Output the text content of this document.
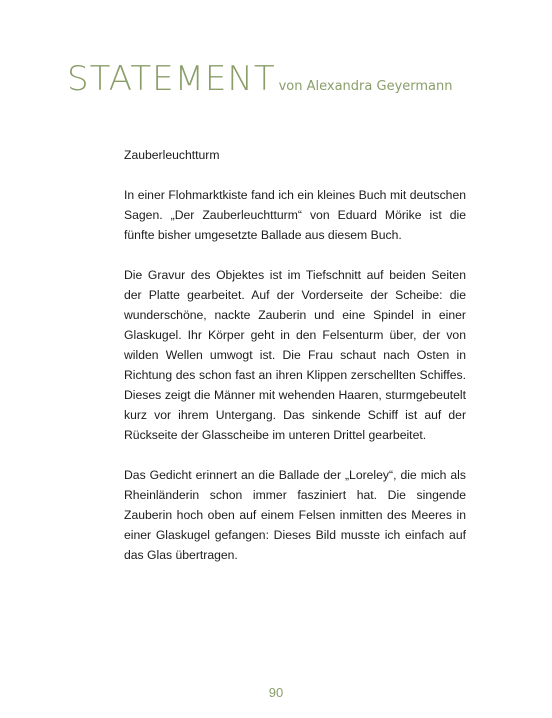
STATEMENT von Alexandra Geyermann

Zauberleuchtturm

In einer Flohmarktkiste fand ich ein kleines Buch mit deutschen Sagen. „Der Zauberleuchtturm“ von Eduard Mörike ist die fünfte bisher umgesetzte Ballade aus diesem Buch.

Die Gravur des Objektes ist im Tiefschnitt auf beiden Seiten der Platte gearbeitet. Auf der Vorderseite der Scheibe: die wunderschöne, nackte Zauberin und eine Spindel in einer Glaskugel. Ihr Körper geht in den Felsenturm über, der von wilden Wellen umwogt ist. Die Frau schaut nach Osten in Richtung des schon fast an ihren Klippen zerschellten Schiffes. Dieses zeigt die Männer mit wehenden Haaren, sturmgebeutelt kurz vor ihrem Untergang. Das sinkende Schiff ist auf der Rückseite der Glasscheibe im unteren Drittel gearbeitet.

Das Gedicht erinnert an die Ballade der „Loreley“, die mich als Rheinländerin schon immer fasziniert hat. Die singende Zauberin hoch oben auf einem Felsen inmitten des Meeres in einer Glaskugel gefangen: Dieses Bild musste ich einfach auf das Glas übertragen.

90
